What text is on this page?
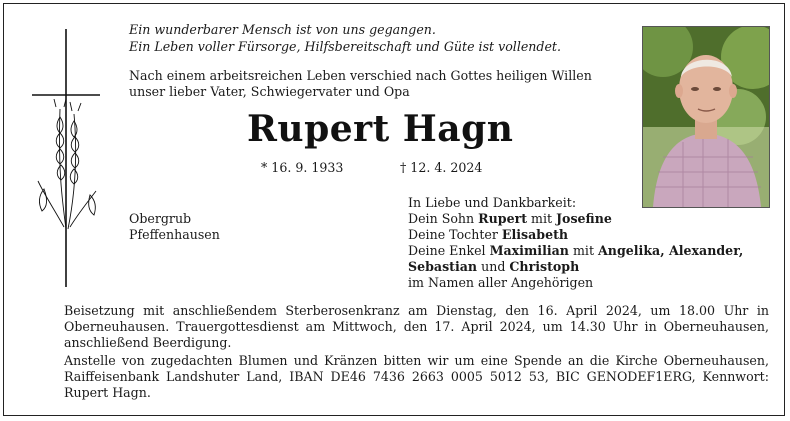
Ein wunderbarer Mensch ist von uns gegangen.
Ein Leben voller Fürsorge, Hilfsbereitschaft und Güte ist vollendet.
Nach einem arbeitsreichen Leben verschied nach Gottes heiligen Willen
unser lieber Vater, Schwiegervater und Opa
Rupert Hagn
* 16. 9. 1933	† 12. 4. 2024
Obergrub
Pfeffenhausen
In Liebe und Dankbarkeit:
Dein Sohn Rupert mit Josefine
Deine Tochter Elisabeth
Deine Enkel Maximilian mit Angelika, Alexander,
Sebastian und Christoph
im Namen aller Angehörigen

Beisetzung mit anschließendem Sterberosenkranz am Dienstag, den 16. April 2024, um 18.00 Uhr in Oberneuhausen. Trauergottesdienst am Mittwoch, den 17. April 2024, um 14.30 Uhr in Oberneuhausen, anschließend Beerdigung.

Anstelle von zugedachten Blumen und Kränzen bitten wir um eine Spende an die Kirche Oberneuhausen, Raiffeisenbank Landshuter Land, IBAN DE46 7436 2663 0005 5012 53, BIC GENODEF1ERG, Kennwort: Rupert Hagn.
